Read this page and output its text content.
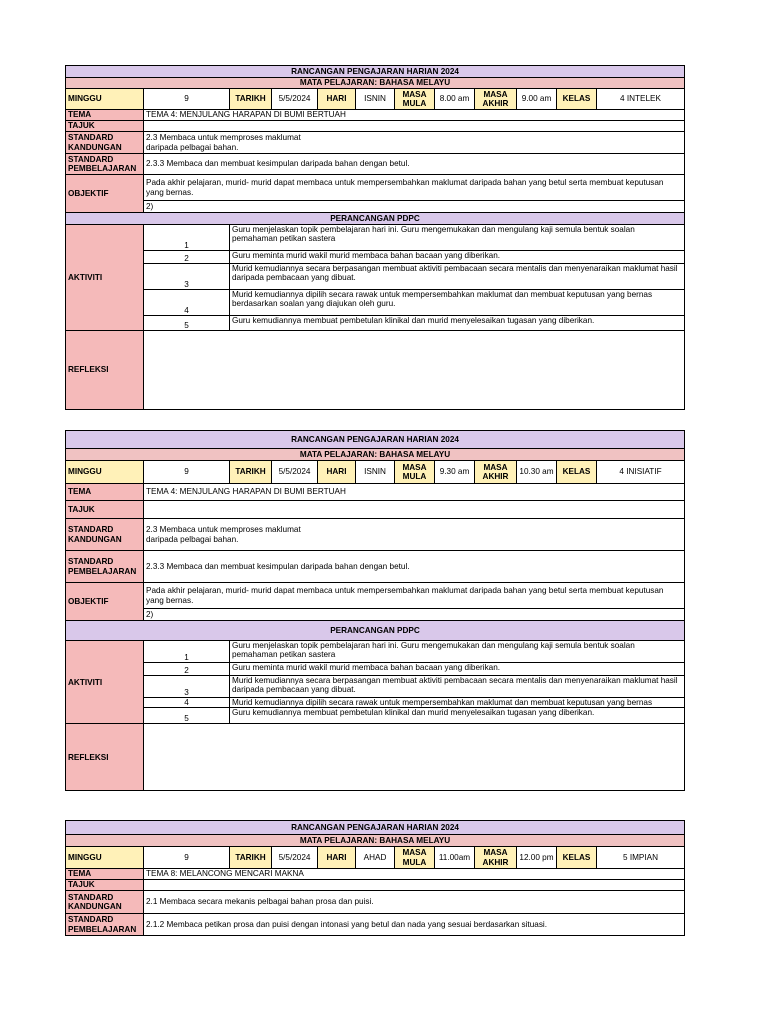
RANCANGAN PENGAJARAN HARIAN 2024											
MATA PELAJARAN: BAHASA MELAYU											
MINGGU	9	TARIKH	5/5/2024	HARI	ISNIN	MASA MULA	8.00 am	MASA AKHIR	9.00 am	KELAS	4 INTELEK
TEMA	TEMA 4: MENJULANG HARAPAN DI BUMI BERTUAH										
TAJUK											
STANDARD KANDUNGAN	2.3 Membaca untuk memproses maklumat daripada pelbagai bahan.										

STANDARD PEMBELAJARAN	2.3.3 Membaca dan membuat kesimpulan daripada bahan dengan betul.										
OBJEKTIF	Pada akhir pelajaran, murid- murid dapat membaca untuk mempersembahkan maklumat daripada bahan yang betul serta membuat keputusan yang bernas.										
	2)										
PERANCANGAN PDPC											
AKTIVITI	1	Guru menjelaskan topik pembelajaran hari ini. Guru mengemukakan dan mengulang kaji semula bentuk soalan pemahaman petikan sastera									
	2	Guru meminta murid wakil murid membaca bahan bacaan yang diberikan.									
	3	Murid kemudiannya secara berpasangan membuat aktiviti pembacaan secara mentalis dan menyenaraikan maklumat hasil daripada pembacaan yang dibuat.									
	4	Murid kemudiannya dipilih secara rawak untuk mempersembahkan maklumat dan membuat keputusan yang bernas berdasarkan soalan yang diajukan oleh guru.									
	5	Guru kemudiannya membuat pembetulan klinikal dan murid menyelesaikan tugasan yang diberikan.									
REFLEKSI											
RANCANGAN PENGAJARAN HARIAN 2024											
MATA PELAJARAN: BAHASA MELAYU											
MINGGU	9	TARIKH	5/5/2024	HARI	ISNIN	MASA MULA	9.30 am	MASA AKHIR	10.30 am	KELAS	4 INISIATIF
TEMA	TEMA 4: MENJULANG HARAPAN DI BUMI BERTUAH										
TAJUK											
STANDARD KANDUNGAN	2.3 Membaca untuk memproses maklumat daripada pelbagai bahan.										

STANDARD PEMBELAJARAN	2.3.3 Membaca dan membuat kesimpulan daripada bahan dengan betul.										
OBJEKTIF	Pada akhir pelajaran, murid- murid dapat membaca untuk mempersembahkan maklumat daripada bahan yang betul serta membuat keputusan yang bernas.										
	2)										
PERANCANGAN PDPC											
AKTIVITI	1	Guru menjelaskan topik pembelajaran hari ini. Guru mengemukakan dan mengulang kaji semula bentuk soalan pemahaman petikan sastera									
	2	Guru meminta murid wakil murid membaca bahan bacaan yang diberikan.									
	3	Murid kemudiannya secara berpasangan membuat aktiviti pembacaan secara mentalis dan menyenaraikan maklumat hasil daripada pembacaan yang dibuat.									
	4	Murid kemudiannya dipilih secara rawak untuk mempersembahkan maklumat dan membuat keputusan yang bernas									

	5	Guru kemudiannya membuat pembetulan klinikal dan murid menyelesaikan tugasan yang diberikan.									
REFLEKSI											
RANCANGAN PENGAJARAN HARIAN 2024											
MATA PELAJARAN: BAHASA MELAYU											
MINGGU	9	TARIKH	5/5/2024	HARI	AHAD	MASA MULA	11.00am	MASA AKHIR	12.00 pm	KELAS	5 IMPIAN
TEMA	TEMA 8: MELANCONG MENCARI MAKNA										
TAJUK											
STANDARD KANDUNGAN	2.1 Membaca secara mekanis pelbagai bahan prosa dan puisi.										
STANDARD PEMBELAJARAN	2.1.2 Membaca petikan prosa dan puisi dengan intonasi yang betul dan nada yang sesuai berdasarkan situasi.										
